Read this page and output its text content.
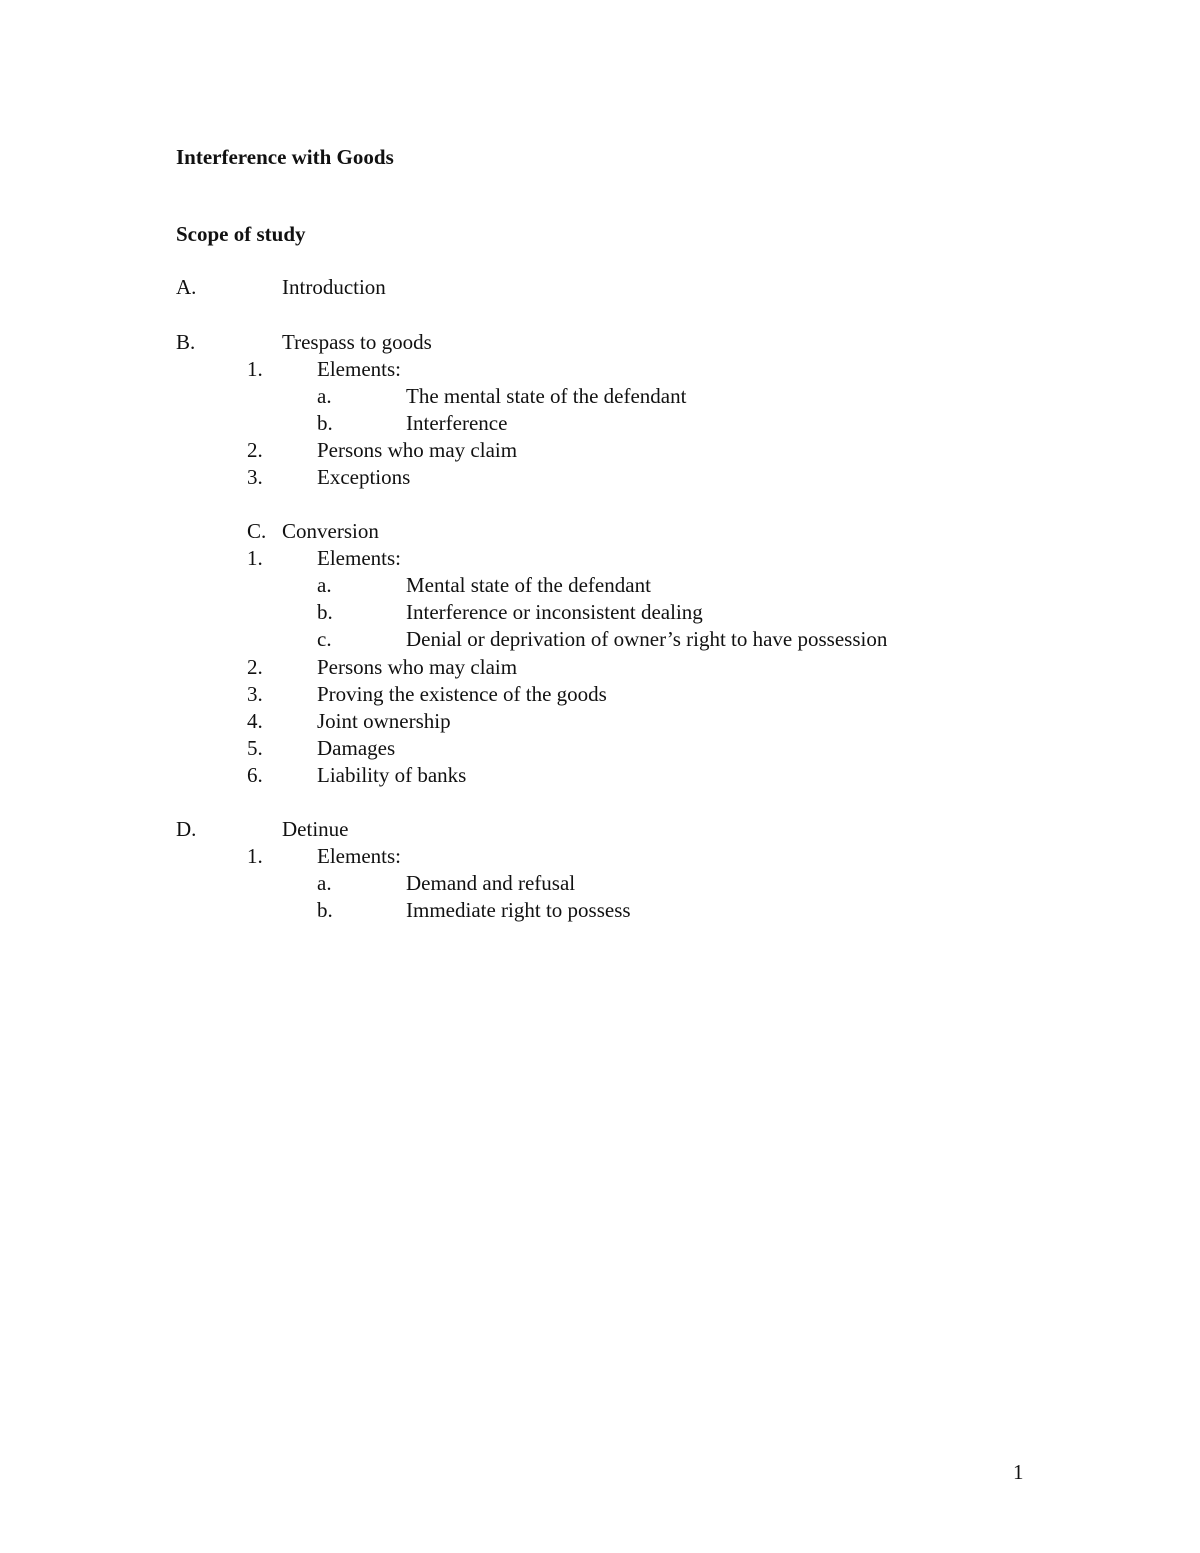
Interference with Goods
Scope of study
A.	Introduction
B.	Trespass to goods
1.	Elements:
a.	The mental state of the defendant
b.	Interference
2.	Persons who may claim
3.	Exceptions
C. Conversion
1.	Elements:
a.	Mental state of the defendant
b.	Interference or inconsistent dealing
c.	Denial or deprivation of owner’s right to have possession
2.	Persons who may claim
3.	Proving the existence of the goods
4.	Joint ownership
5.	Damages
6.	Liability of banks
D.	Detinue
1.	Elements:
a.	Demand and refusal
b.	Immediate right to possess
1
